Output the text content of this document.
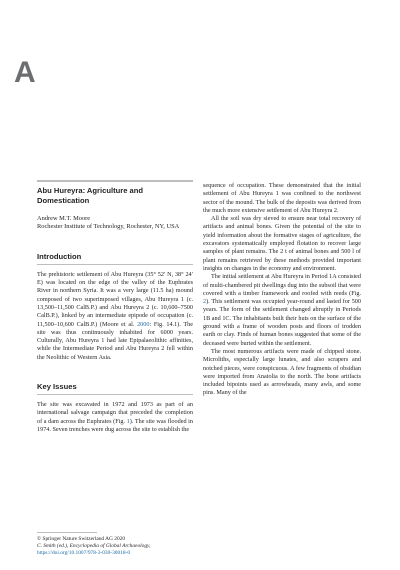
A
Abu Hureyra: Agriculture and Domestication
Andrew M.T. Moore
Rochester Institute of Technology, Rochester, NY, USA
Introduction

The prehistoric settlement of Abu Hureyra (35° 52′ N, 38° 24′ E) was located on the edge of the valley of the Euphrates River in northern Syria. It was a very large (11.5 ha) mound composed of two superimposed villages, Abu Hureyra 1 (c. 13,500–11,500 CalB.P.) and Abu Hureyra 2 (c. 10,600–7500 CalB.P.), linked by an intermediate epipode of occupation (c. 11,500–10,600 CalB.P.) (Moore et al. 2000: Fig. 14.1). The site was thus continuously inhabited for 6000 years. Culturally, Abu Hureyra 1 had late Epipalaeolithic affinities, while the Intermediate Period and Abu Hureyra 2 fell within the Neolithic of Western Asia.

Key Issues

The site was excavated in 1972 and 1973 as part of an international salvage campaign that preceded the completion of a dam across the Euphrates (Fig. 1). The site was flooded in 1974. Seven trenches were dug across the site to establish the

sequence of occupation. These demonstrated that the initial settlement of Abu Hureyra 1 was confined to the northwest sector of the mound. The bulk of the deposits was derived from the much more extensive settlement of Abu Hureyra 2.

All the soil was dry sieved to ensure near total recovery of artifacts and animal bones. Given the potential of the site to yield information about the formative stages of agriculture, the excavators systematically employed flotation to recover large samples of plant remains. The 2 t of animal bones and 500 l of plant remains retrieved by these methods provided important insights on changes in the economy and environment.

The initial settlement at Abu Hureyra in Period 1A consisted of multi-chambered pit dwellings dug into the subsoil that were covered with a timber framework and roofed with reeds (Fig. 2). This settlement was occupied year-round and lasted for 500 years. The form of the settlement changed abruptly in Periods 1B and 1C. The inhabitants built their huts on the surface of the ground with a frame of wooden posts and floors of trodden earth or clay. Finds of human bones suggested that some of the deceased were buried within the settlement.

The most numerous artifacts were made of chipped stone. Microliths, especially large lunates, and also scrapers and notched pieces, were conspicuous. A few fragments of obsidian were imported from Anatolia to the north. The bone artifacts included bipoints used as arrowheads, many awls, and some pins. Many of the

© Springer Nature Switzerland AG 2020
C. Smith (ed.), Encyclopedia of Global Archaeology,
https://doi.org/10.1007/978-3-030-30018-0
